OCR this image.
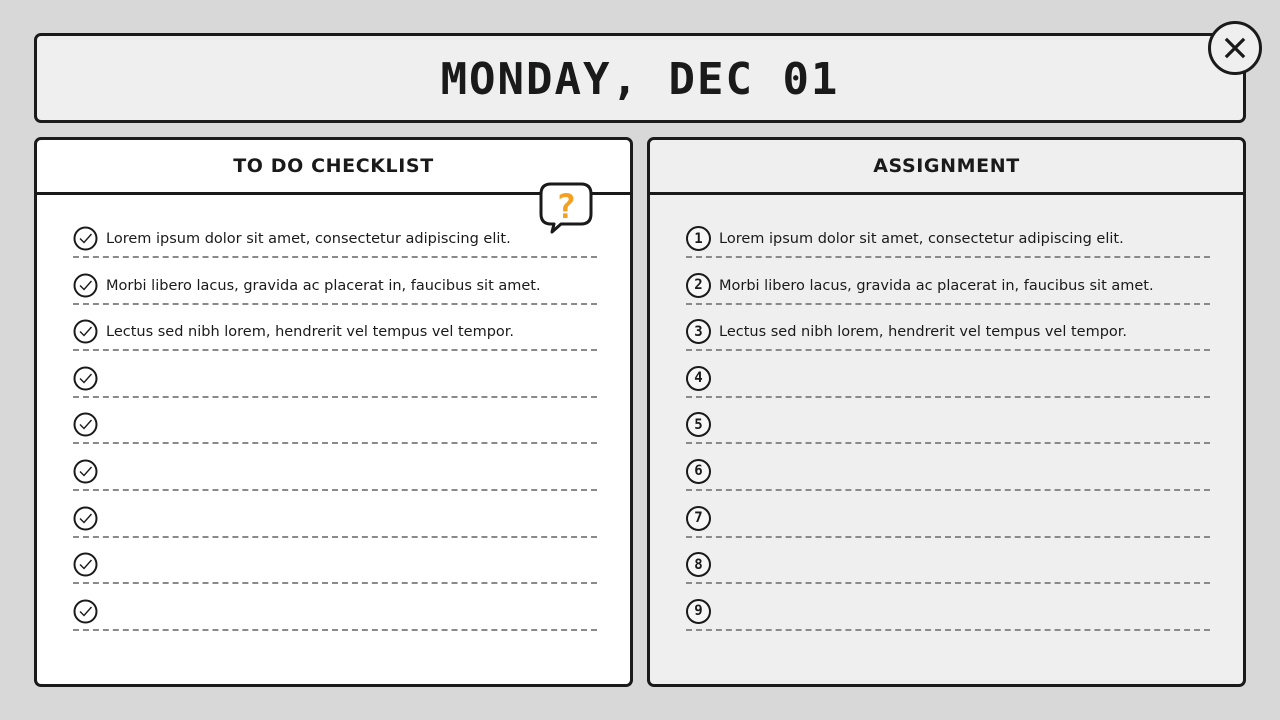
MONDAY, DEC 01
TO DO CHECKLIST
Lorem ipsum dolor sit amet, consectetur adipiscing elit.
Morbi libero lacus, gravida ac placerat in, faucibus sit amet.
Lectus sed nibh lorem, hendrerit vel tempus vel tempor.
ASSIGNMENT
1	Lorem ipsum dolor sit amet, consectetur adipiscing elit.
2	Morbi libero lacus, gravida ac placerat in, faucibus sit amet.
3	Lectus sed nibh lorem, hendrerit vel tempus vel tempor.
4
5
6
7
8
9
?
